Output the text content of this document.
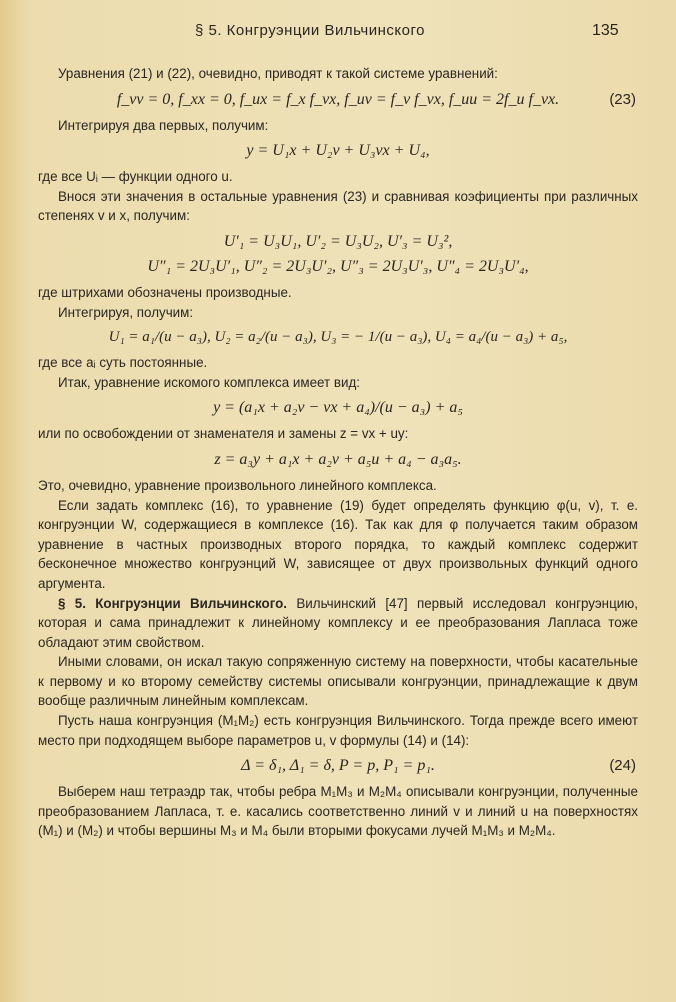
§ 5. Конгруэнции Вильчинского	135

Уравнения (21) и (22), очевидно, приводят к такой системе уравнений:

f_vv = 0, f_xx = 0, f_ux = f_x f_vx, f_uv = f_v f_vx, f_uu = 2f_u f_vx.	(23)

Интегрируя два первых, получим:

y = U₁x + U₂v + U₃vx + U₄,

где все Uᵢ — функции одного u.

Внося эти значения в остальные уравнения (23) и сравнивая коэфициенты при различных степенях v и x, получим:

U′₁ = U₃U₁, U′₂ = U₃U₂, U′₃ = U₃²,
U″₁ = 2U₃U′₁, U″₂ = 2U₃U′₂, U″₃ = 2U₃U′₃, U″₄ = 2U₃U′₄,

где штрихами обозначены производные.

Интегрируя, получим:

U₁ = a₁/(u − a₃), U₂ = a₂/(u − a₃), U₃ = − 1/(u − a₃), U₄ = a₄/(u − a₃) + a₅,

где все aᵢ суть постоянные.

Итак, уравнение искомого комплекса имеет вид:

y = (a₁x + a₂v − vx + a₄)/(u − a₃) + a₅

или по освобождении от знаменателя и замены z = vx + uy:

z = a₃y + a₁x + a₂v + a₅u + a₄ − a₃a₅.

Это, очевидно, уравнение произвольного линейного комплекса.

Если задать комплекс (16), то уравнение (19) будет определять функцию φ(u, v), т. е. конгруэнции W, содержащиеся в комплексе (16). Так как для φ получается таким образом уравнение в частных производных второго порядка, то каждый комплекс содержит бесконечное множество конгруэнций W, зависящее от двух произвольных функций одного аргумента.

§ 5. Конгруэнции Вильчинского. Вильчинский [47] первый исследовал конгруэнцию, которая и сама принадлежит к линейному комплексу и ее преобразования Лапласа тоже обладают этим свойством.

Иными словами, он искал такую сопряженную систему на поверхности, чтобы касательные к первому и ко второму семейству системы описывали конгруэнции, принадлежащие к двум вообще различным линейным комплексам.

Пусть наша конгруэнция (M₁M₂) есть конгруэнция Вильчинского. Тогда прежде всего имеют место при подходящем выборе параметров u, v формулы (14) и (14):

Δ = δ₁, Δ₁ = δ, P = p, P₁ = p₁.	(24)

Выберем наш тетраэдр так, чтобы ребра M₁M₃ и M₂M₄ описывали конгруэнции, полученные преобразованием Лапласа, т. е. касались соответственно линий v и линий u на поверхностях (M₁) и (M₂) и чтобы вершины M₃ и M₄ были вторыми фокусами лучей M₁M₃ и M₂M₄.
